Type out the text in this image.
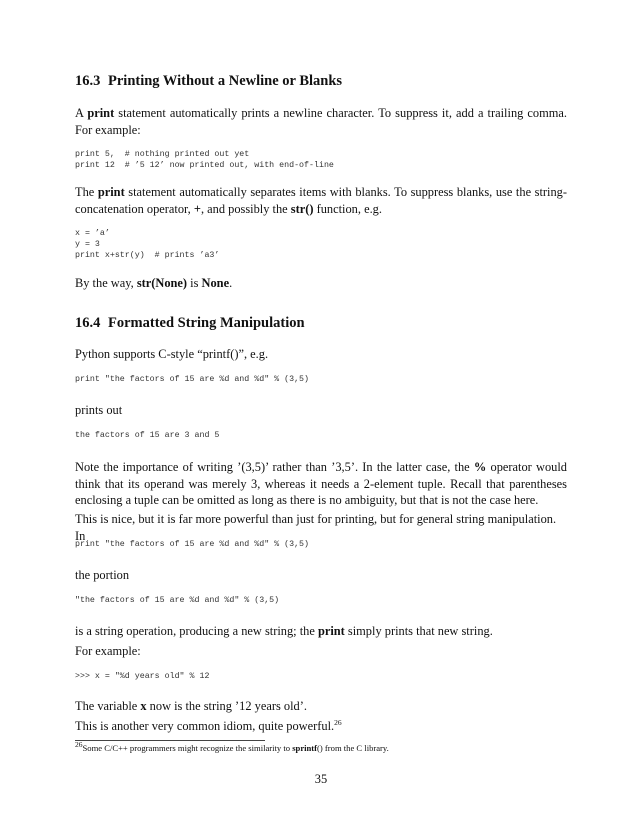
16.3 Printing Without a Newline or Blanks

A print statement automatically prints a newline character. To suppress it, add a trailing comma. For example:

print 5,  # nothing printed out yet
print 12  # ’5 12’ now printed out, with end-of-line

The print statement automatically separates items with blanks. To suppress blanks, use the string-concatenation operator, +, and possibly the str() function, e.g.

x = ’a’
y = 3
print x+str(y)  # prints ’a3’

By the way, str(None) is None.

16.4 Formatted String Manipulation

Python supports C-style “printf()”, e.g.

print "the factors of 15 are %d and %d" % (3,5)

prints out

the factors of 15 are 3 and 5

Note the importance of writing ’(3,5)’ rather than ’3,5’. In the latter case, the % operator would think that its operand was merely 3, whereas it needs a 2-element tuple. Recall that parentheses enclosing a tuple can be omitted as long as there is no ambiguity, but that is not the case here.

This is nice, but it is far more powerful than just for printing, but for general string manipulation. In

print "the factors of 15 are %d and %d" % (3,5)

the portion

"the factors of 15 are %d and %d" % (3,5)

is a string operation, producing a new string; the print simply prints that new string.

For example:

>>> x = "%d years old" % 12

The variable x now is the string ’12 years old’.

This is another very common idiom, quite powerful.$^{26}$

$^{26}$Some C/C++ programmers might recognize the similarity to sprintf() from the C library.
35
